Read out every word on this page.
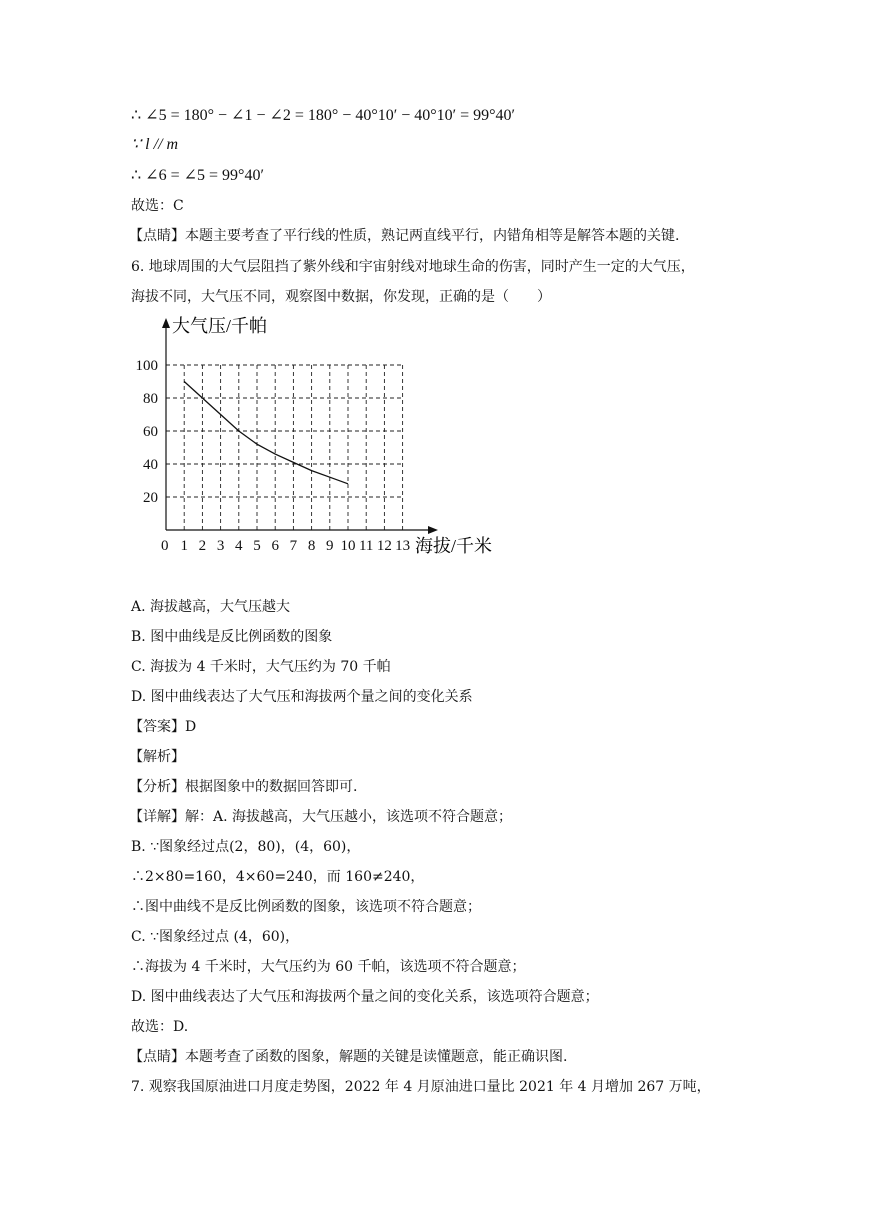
∴ ∠5 = 180° − ∠1 − ∠2 = 180° − 40°10′ − 40°10′ = 99°40′
∵ l // m
∴ ∠6 = ∠5 = 99°40′
故选：C
【点睛】本题主要考查了平行线的性质，熟记两直线平行，内错角相等是解答本题的关键.
6. 地球周围的大气层阻挡了紫外线和宇宙射线对地球生命的伤害，同时产生一定的大气压，
海拔不同，大气压不同，观察图中数据，你发现，正确的是（　　）
大气压/千帕
海拔/千米
0 1 2 3 4 5 6 7 8 9 10 11 12 13
20
40
60
80
100
A. 海拔越高，大气压越大
B. 图中曲线是反比例函数的图象
C. 海拔为 4 千米时，大气压约为 70 千帕
D. 图中曲线表达了大气压和海拔两个量之间的变化关系
【答案】D
【解析】
【分析】根据图象中的数据回答即可.
【详解】解：A. 海拔越高，大气压越小，该选项不符合题意；
B. ∵图象经过点(2，80)，(4，60)，
∴2×80=160，4×60=240，而 160≠240，
∴图中曲线不是反比例函数的图象，该选项不符合题意；
C. ∵图象经过点 (4，60)，
∴海拔为 4 千米时，大气压约为 60 千帕，该选项不符合题意；
D. 图中曲线表达了大气压和海拔两个量之间的变化关系，该选项符合题意；
故选：D.
【点睛】本题考查了函数的图象，解题的关键是读懂题意，能正确识图.
7. 观察我国原油进口月度走势图，2022 年 4 月原油进口量比 2021 年 4 月增加 267 万吨，
